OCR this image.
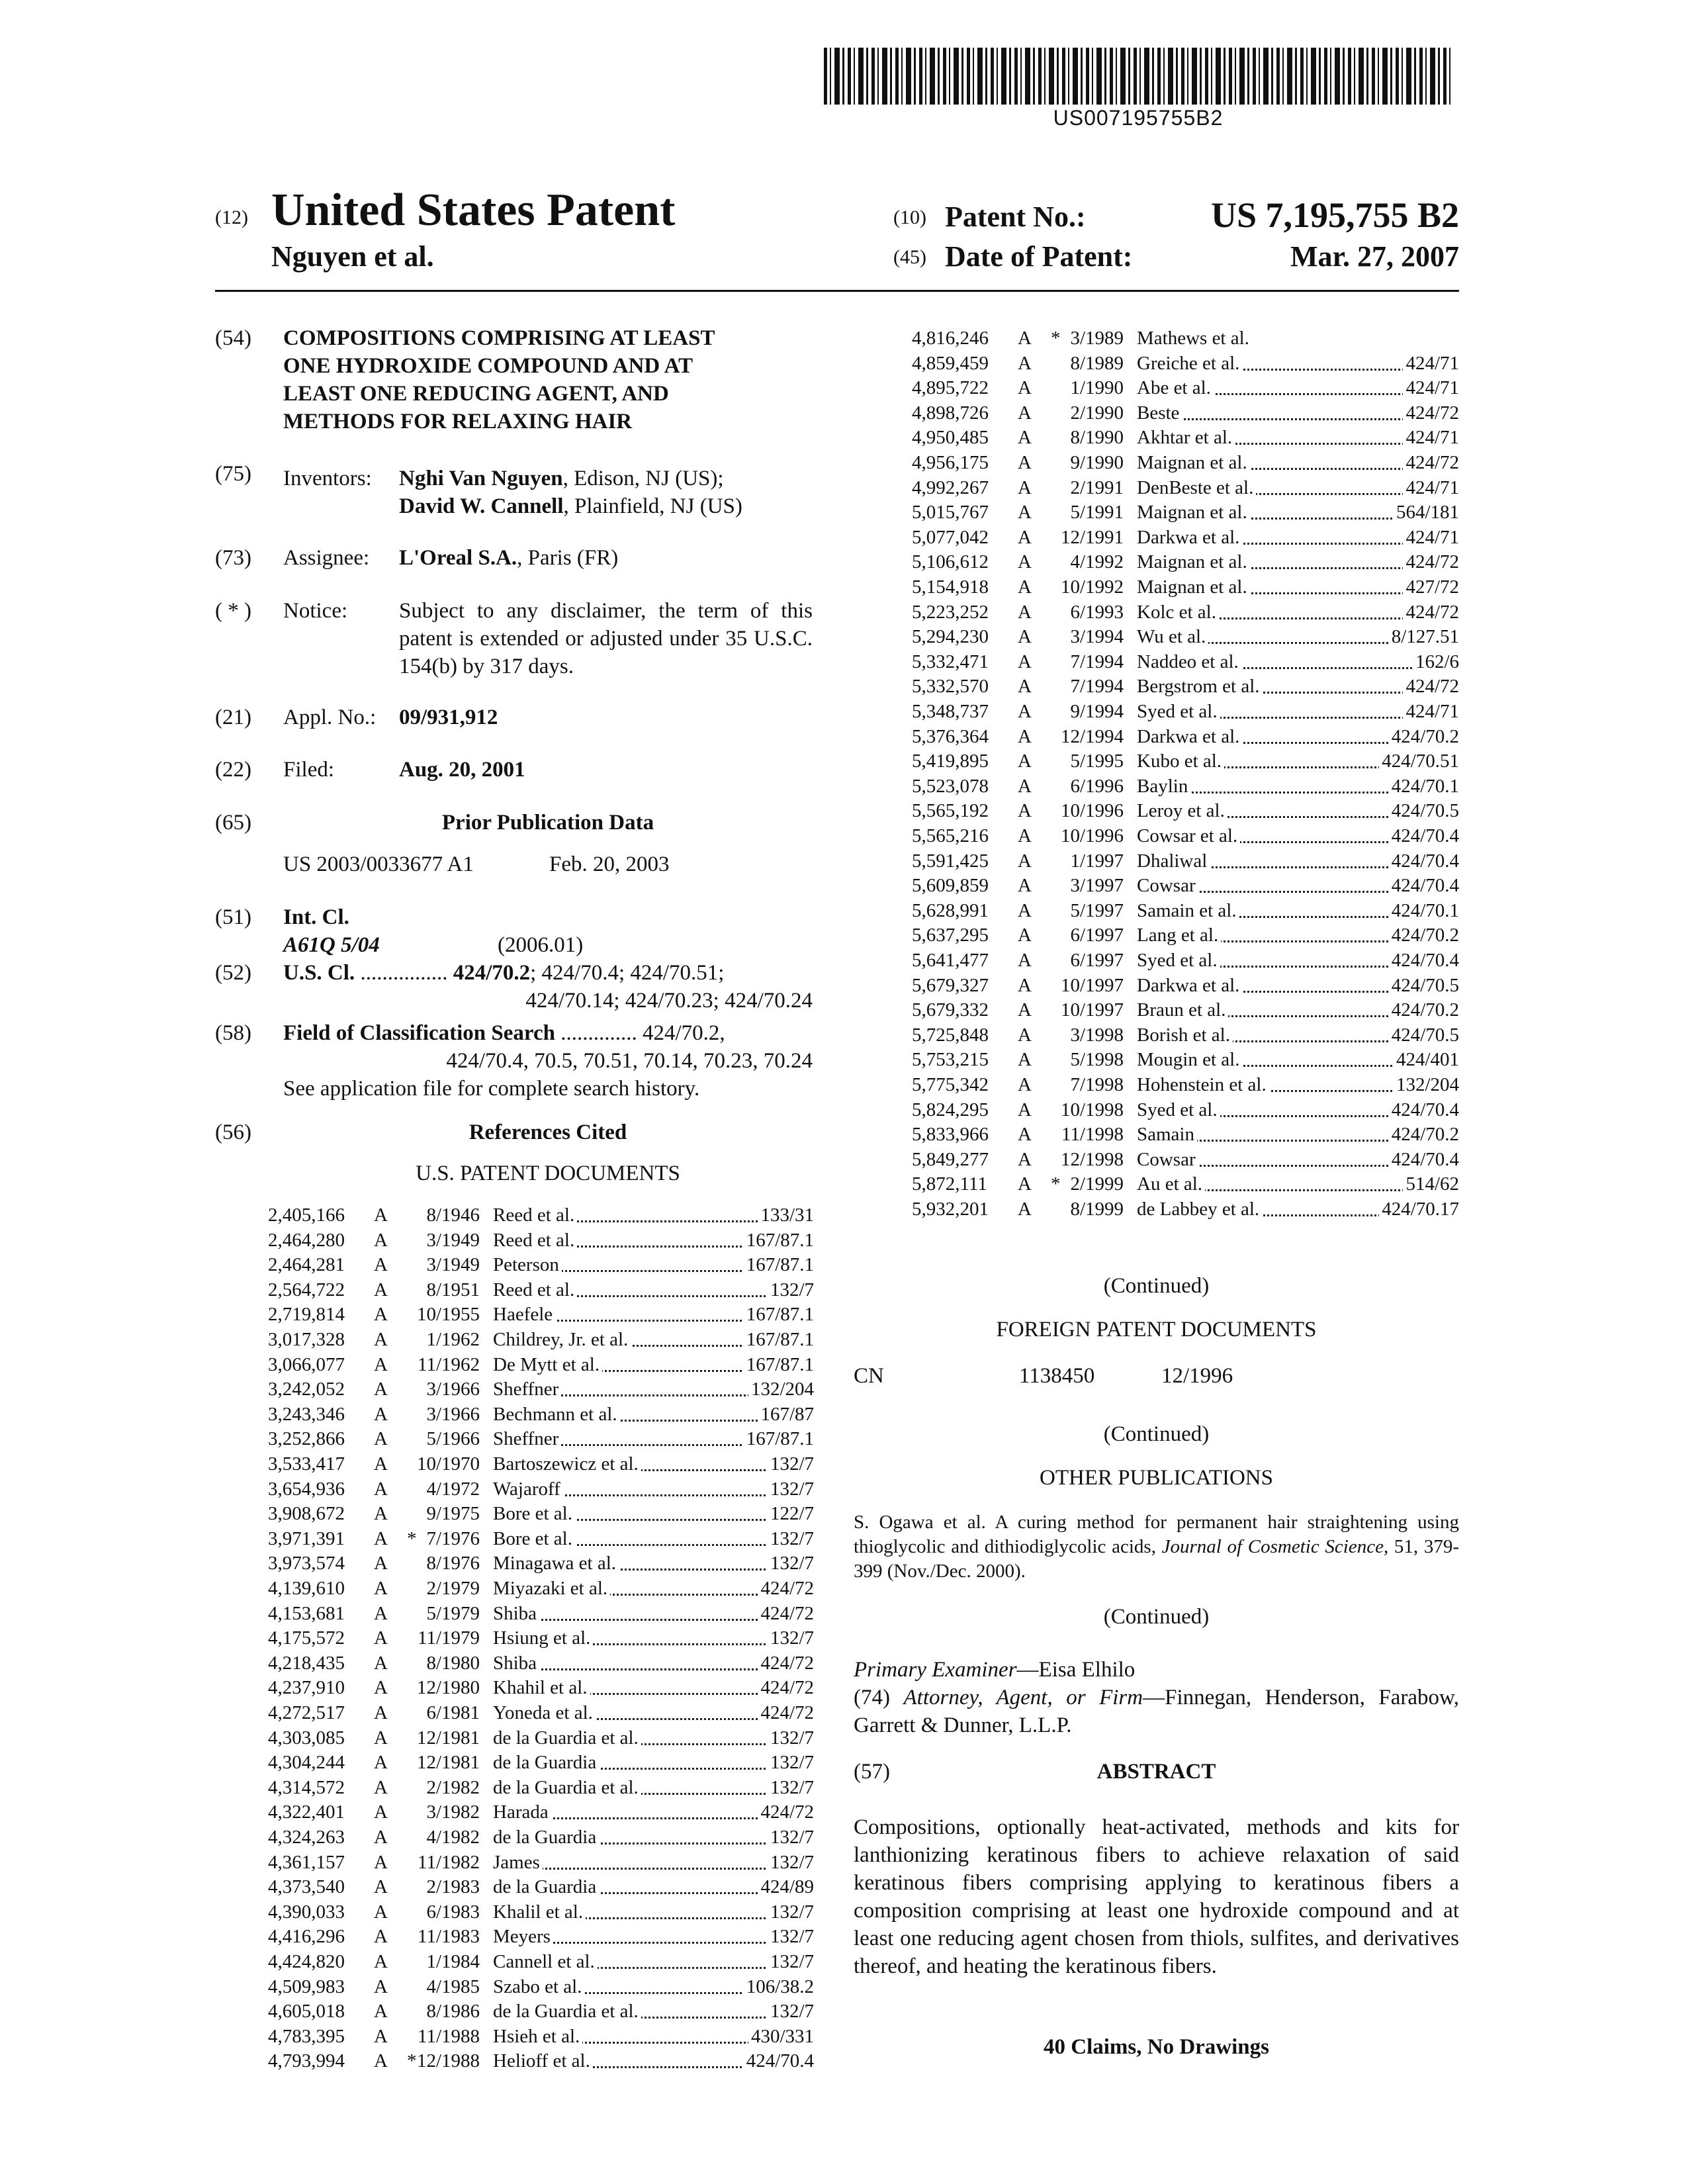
US007195755B2
(12) United States Patent
Nguyen et al.
(10) Patent No.:	US 7,195,755 B2
(45) Date of Patent:	Mar. 27, 2007
(54) COMPOSITIONS COMPRISING AT LEAST
ONE HYDROXIDE COMPOUND AND AT
LEAST ONE REDUCING AGENT, AND
METHODS FOR RELAXING HAIR
(75) Inventors: Nghi Van Nguyen, Edison, NJ (US);
David W. Cannell, Plainfield, NJ (US)
(73) Assignee: L'Oreal S.A., Paris (FR)
( * ) Notice: Subject to any disclaimer, the term of this patent is extended or adjusted under 35 U.S.C. 154(b) by 317 days.
(21) Appl. No.: 09/931,912
(22) Filed:	Aug. 20, 2001
(65)	Prior Publication Data
US 2003/0033677 A1	Feb. 20, 2003
(51) Int. Cl.
A61Q 5/04	(2006.01)
(52) U.S. Cl. ................ 424/70.2; 424/70.4; 424/70.51;
424/70.14; 424/70.23; 424/70.24
(58) Field of Classification Search .............. 424/70.2,
424/70.4, 70.5, 70.51, 70.14, 70.23, 70.24
See application file for complete search history.
(56)	References Cited
U.S. PATENT DOCUMENTS
2,405,166 A	8/1946 Reed et al.	133/31
2,464,280 A	3/1949 Reed et al.	167/87.1
2,464,281 A	3/1949 Peterson	167/87.1
2,564,722 A	8/1951 Reed et al.	132/7
2,719,814 A	10/1955 Haefele	167/87.1
3,017,328 A	1/1962 Childrey, Jr. et al.	167/87.1
3,066,077 A	11/1962 De Mytt et al.	167/87.1
3,242,052 A	3/1966 Sheffner	132/204
3,243,346 A	3/1966 Bechmann et al.	167/87
3,252,866 A	5/1966 Sheffner	167/87.1
3,533,417 A	10/1970 Bartoszewicz et al.	132/7
3,654,936 A	4/1972 Wajaroff	132/7
3,908,672 A	9/1975 Bore et al.	122/7
3,971,391 A * 7/1976 Bore et al.	132/7
3,973,574 A	8/1976 Minagawa et al.	132/7
4,139,610 A	2/1979 Miyazaki et al.	424/72
4,153,681 A	5/1979 Shiba	424/72
4,175,572 A	11/1979 Hsiung et al.	132/7
4,218,435 A	8/1980 Shiba	424/72
4,237,910 A	12/1980 Khahil et al.	424/72
4,272,517 A	6/1981 Yoneda et al.	424/72
4,303,085 A	12/1981 de la Guardia et al.	132/7
4,304,244 A	12/1981 de la Guardia	132/7
4,314,572 A	2/1982 de la Guardia et al.	132/7
4,322,401 A	3/1982 Harada	424/72
4,324,263 A	4/1982 de la Guardia	132/7
4,361,157 A	11/1982 James	132/7
4,373,540 A	2/1983 de la Guardia	424/89
4,390,033 A	6/1983 Khalil et al.	132/7
4,416,296 A	11/1983 Meyers	132/7
4,424,820 A	1/1984 Cannell et al.	132/7
4,509,983 A	4/1985 Szabo et al.	106/38.2
4,605,018 A	8/1986 de la Guardia et al.	132/7
4,783,395 A	11/1988 Hsieh et al.	430/331
4,793,994 A * 12/1988 Helioff et al.	424/70.4
4,816,246 A * 3/1989 Mathews et al.
4,859,459 A	8/1989 Greiche et al.	424/71
4,895,722 A	1/1990 Abe et al.	424/71
4,898,726 A	2/1990 Beste	424/72
4,950,485 A	8/1990 Akhtar et al.	424/71
4,956,175 A	9/1990 Maignan et al.	424/72
4,992,267 A	2/1991 DenBeste et al.	424/71
5,015,767 A	5/1991 Maignan et al.	564/181
5,077,042 A	12/1991 Darkwa et al.	424/71
5,106,612 A	4/1992 Maignan et al.	424/72
5,154,918 A	10/1992 Maignan et al.	427/72
5,223,252 A	6/1993 Kolc et al.	424/72
5,294,230 A	3/1994 Wu et al.	8/127.51
5,332,471 A	7/1994 Naddeo et al.	162/6
5,332,570 A	7/1994 Bergstrom et al.	424/72
5,348,737 A	9/1994 Syed et al.	424/71
5,376,364 A	12/1994 Darkwa et al.	424/70.2
5,419,895 A	5/1995 Kubo et al.	424/70.51
5,523,078 A	6/1996 Baylin	424/70.1
5,565,192 A	10/1996 Leroy et al.	424/70.5
5,565,216 A	10/1996 Cowsar et al.	424/70.4
5,591,425 A	1/1997 Dhaliwal	424/70.4
5,609,859 A	3/1997 Cowsar	424/70.4
5,628,991 A	5/1997 Samain et al.	424/70.1
5,637,295 A	6/1997 Lang et al.	424/70.2
5,641,477 A	6/1997 Syed et al.	424/70.4
5,679,327 A	10/1997 Darkwa et al.	424/70.5
5,679,332 A	10/1997 Braun et al.	424/70.2
5,725,848 A	3/1998 Borish et al.	424/70.5
5,753,215 A	5/1998 Mougin et al.	424/401
5,775,342 A	7/1998 Hohenstein et al.	132/204
5,824,295 A	10/1998 Syed et al.	424/70.4
5,833,966 A	11/1998 Samain	424/70.2
5,849,277 A	12/1998 Cowsar	424/70.4
5,872,111 A * 2/1999 Au et al.	514/62
5,932,201 A	8/1999 de Labbey et al.	424/70.17
(Continued)
FOREIGN PATENT DOCUMENTS
CN	1138450	12/1996
(Continued)
OTHER PUBLICATIONS
S. Ogawa et al. A curing method for permanent hair straightening using thioglycolic and dithiodiglycolic acids, Journal of Cosmetic Science, 51, 379-399 (Nov./Dec. 2000).
(Continued)
Primary Examiner—Eisa Elhilo
(74) Attorney, Agent, or Firm—Finnegan, Henderson, Farabow, Garrett & Dunner, L.L.P.
(57)	ABSTRACT
Compositions, optionally heat-activated, methods and kits for lanthionizing keratinous fibers to achieve relaxation of said keratinous fibers comprising applying to keratinous fibers a composition comprising at least one hydroxide compound and at least one reducing agent chosen from thiols, sulfites, and derivatives thereof, and heating the keratinous fibers.
40 Claims, No Drawings
